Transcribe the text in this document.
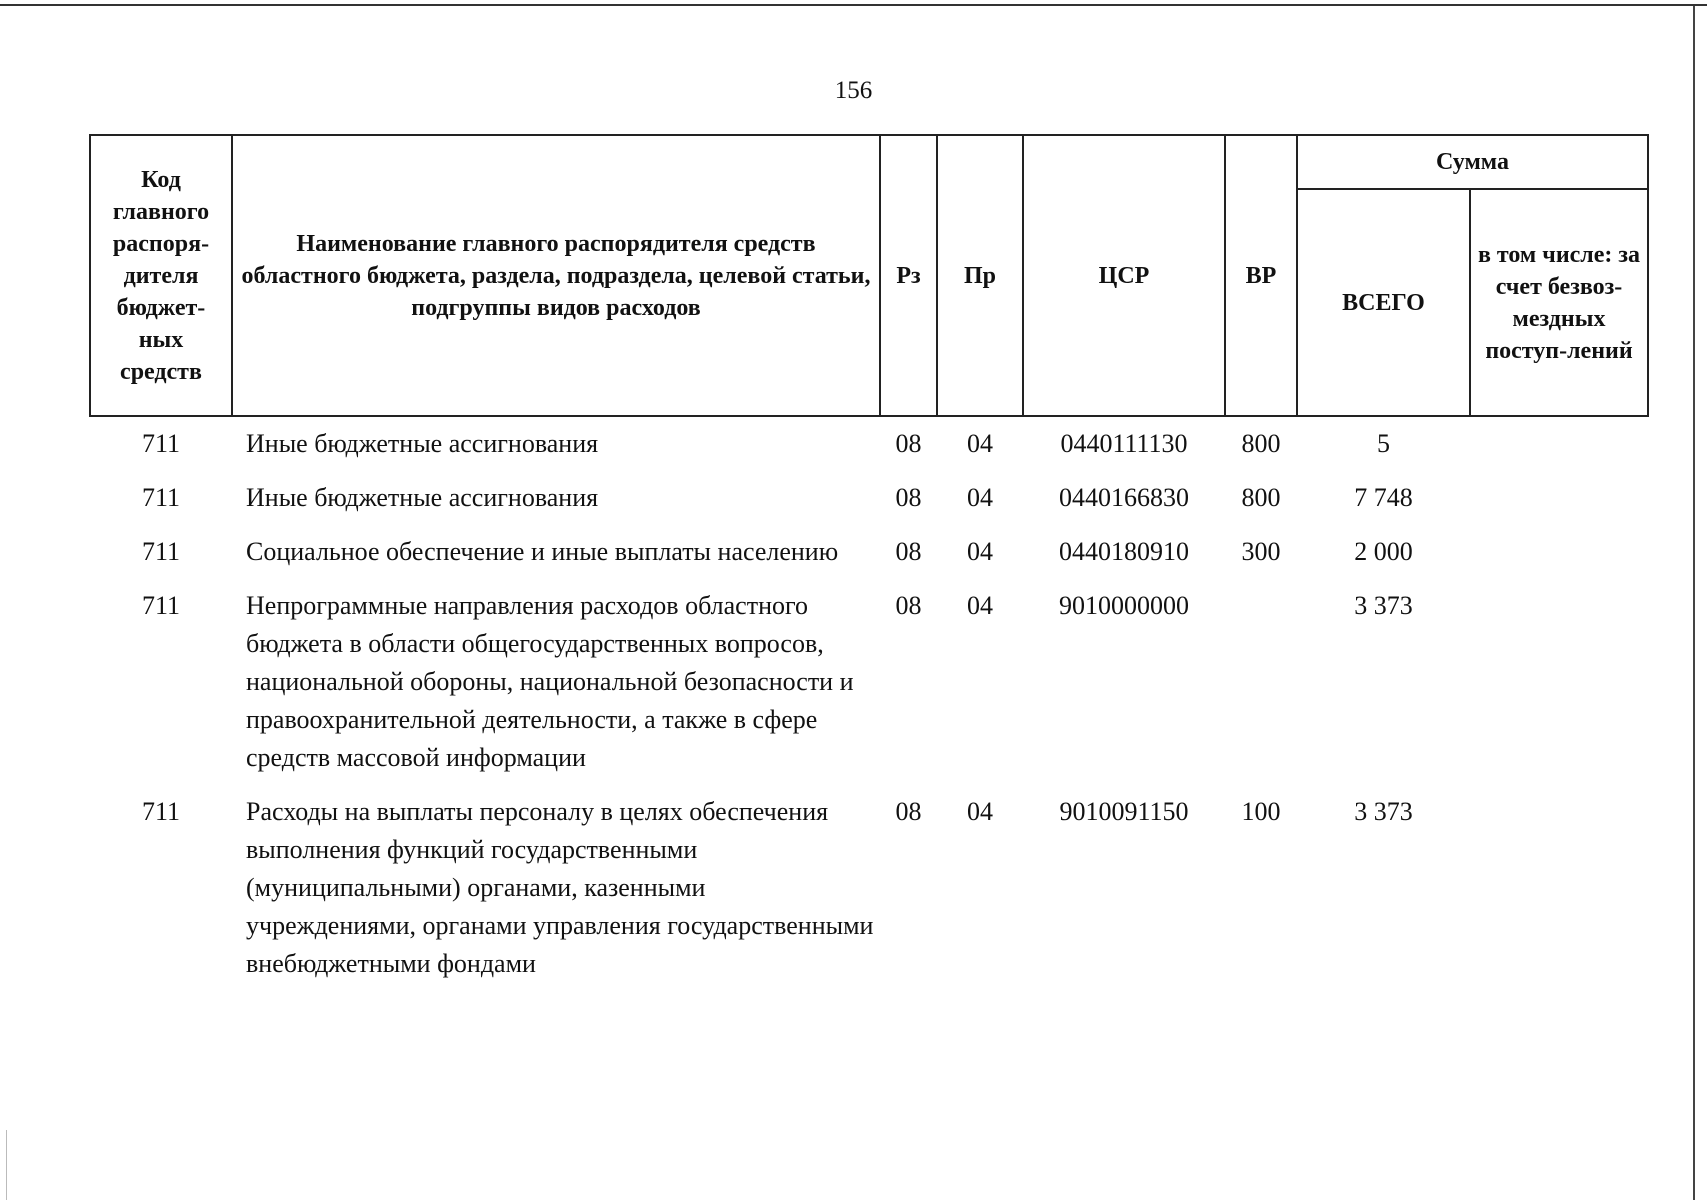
156
Код главного распоря-дителя бюджет-ных средств	Наименование главного распорядителя средств областного бюджета, раздела, подраздела, целевой статьи, подгруппы видов расходов	Рз	Пр	ЦСР	ВР	Сумма	
						ВСЕГО	в том числе: за счет безвоз-мездных поступ-лений
711	Иные бюджетные ассигнования	08	04	0440111130	800	5	
711	Иные бюджетные ассигнования	08	04	0440166830	800	7 748	
711	Социальное обеспечение и иные выплаты населению	08	04	0440180910	300	2 000	
711	Непрограммные направления расходов областного бюджета в области общегосударственных вопросов, национальной обороны, национальной безопасности и правоохранительной деятельности, а также в сфере средств массовой информации	08	04	9010000000		3 373	
711	Расходы на выплаты персоналу в целях обеспечения выполнения функций государственными (муниципальными) органами, казенными учреждениями, органами управления государственными внебюджетными фондами	08	04	9010091150	100	3 373	
